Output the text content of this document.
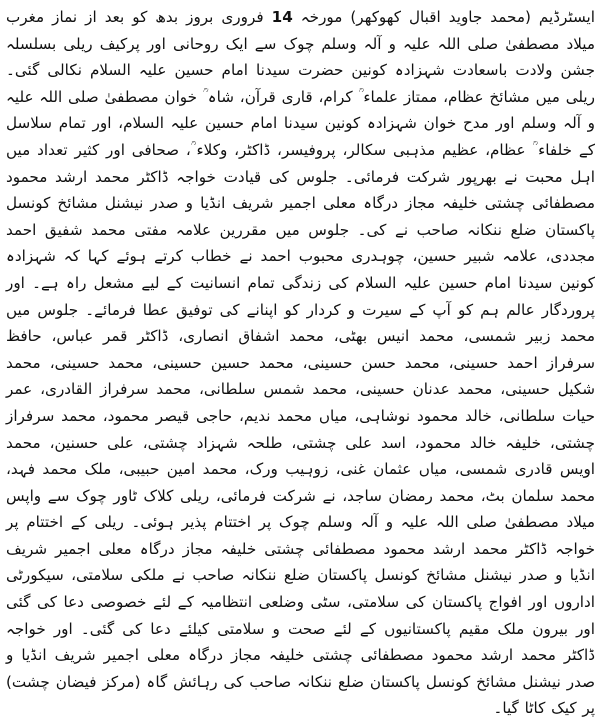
ایسٹرڈیم (محمد جاوید اقبال کھوکھر) مورخہ 14 فروری بروز بدھ کو بعد از نماز مغرب میلاد مصطفیٰ صلی اللہ علیہ و آلہ وسلم چوک سے ایک روحانی اور پرکیف ریلی بسلسلہ جشن ولادت باسعادت شہزادہ کونین حضرت سیدنا امام حسین علیہ السلام نکالی گئی۔ ریلی میں مشائخ عظام، ممتاز علماء ؒ کرام، قاری قرآن، شاہ ؒ خوان مصطفیٰ صلی اللہ علیہ و آلہ وسلم اور مدح خوان شہزادہ کونین سیدنا امام حسین علیہ السلام، اور تمام سلاسل کے خلفاء ؒ عظام، عظیم مذہبی سکالر، پروفیسر، ڈاکٹر، وکلاء ؒ، صحافی اور کثیر تعداد میں اہل محبت نے بھرپور شرکت فرمائی۔ جلوس کی قیادت خواجہ ڈاکٹر محمد ارشد محمود مصطفائی چشتی خلیفہ مجاز درگاہ معلی اجمیر شریف انڈیا و صدر نیشنل مشائخ کونسل پاکستان ضلع ننکانہ صاحب نے کی۔ جلوس میں مقررین علامہ مفتی محمد شفیق احمد مجددی، علامہ شبیر حسین، چوہدری محبوب احمد نے خطاب کرتے ہوئے کہا کہ شہزادہ کونین سیدنا امام حسین علیہ السلام کی زندگی تمام انسانیت کے لیے مشعل راہ ہے۔ اور پروردگار عالم ہم کو آپ کے سیرت و کردار کو اپنانے کی توفیق عطا فرمائے۔ جلوس میں محمد زبیر شمسی، محمد انیس بھٹی، محمد اشفاق انصاری، ڈاکٹر قمر عباس، حافظ سرفراز احمد حسینی، محمد حسن حسینی، محمد حسین حسینی، محمد حسینی، محمد شکیل حسینی، محمد عدنان حسینی، محمد شمس سلطانی، محمد سرفراز القادری، عمر حیات سلطانی، خالد محمود نوشاہی، میاں محمد ندیم، حاجی قیصر محمود، محمد سرفراز چشتی، خلیفہ خالد محمود، اسد علی چشتی، طلحہ شہزاد چشتی، علی حسنین، محمد اویس قادری شمسی، میاں عثمان غنی، زوہیب ورک، محمد امین حبیبی، ملک محمد فہد، محمد سلمان بٹ، محمد رمضان ساجد، نے شرکت فرمائی، ریلی کلاک ٹاور چوک سے واپس میلاد مصطفیٰ صلی اللہ علیہ و آلہ وسلم چوک پر اختتام پذیر ہوئی۔ ریلی کے اختتام پر خواجہ ڈاکٹر محمد ارشد محمود مصطفائی چشتی خلیفہ مجاز درگاہ معلی اجمیر شریف انڈیا و صدر نیشنل مشائخ کونسل پاکستان ضلع ننکانہ صاحب نے ملکی سلامتی، سیکورٹی اداروں اور افواج پاکستان کی سلامتی، سٹی وضلعی انتظامیہ کے لئے خصوصی دعا کی گئی اور بیرون ملک مقیم پاکستانیوں کے لئے صحت و سلامتی کیلئے دعا کی گئی۔ اور خواجہ ڈاکٹر محمد ارشد محمود مصطفائی چشتی خلیفہ مجاز درگاہ معلی اجمیر شریف انڈیا و صدر نیشنل مشائخ کونسل پاکستان ضلع ننکانہ صاحب کی رہائش گاہ (مرکز فیضان چشت) پر کیک کاٹا گیا۔
